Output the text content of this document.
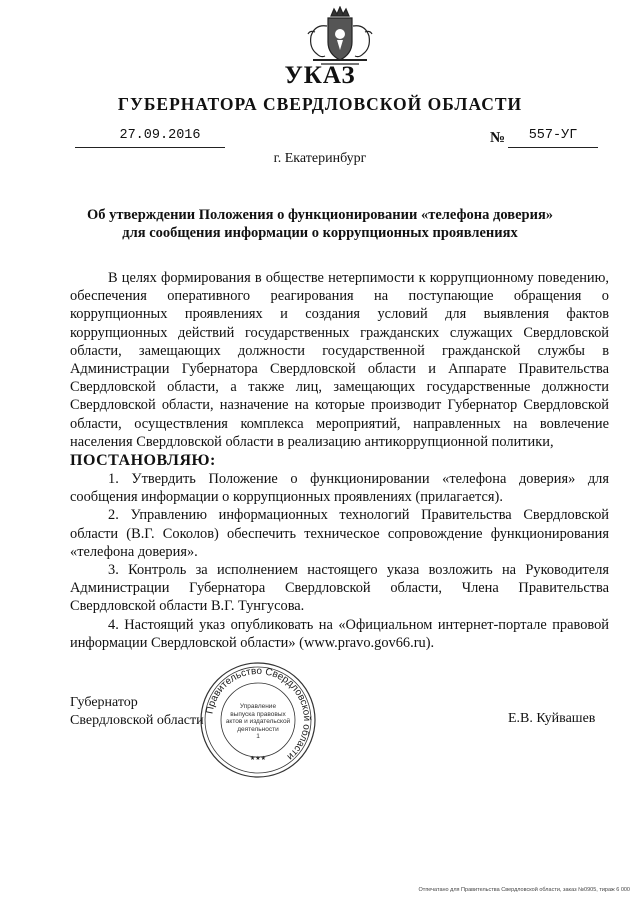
УКАЗ
ГУБЕРНАТОРА СВЕРДЛОВСКОЙ ОБЛАСТИ
27.09.2016	№	557-УГ
г. Екатеринбург
Об утверждении Положения о функционировании «телефона доверия»
для сообщения информации о коррупционных проявлениях

В целях формирования в обществе нетерпимости к коррупционному поведению, обеспечения оперативного реагирования на поступающие обращения о коррупционных проявлениях и создания условий для выявления фактов коррупционных действий государственных гражданских служащих Свердловской области, замещающих должности государственной гражданской службы в Администрации Губернатора Свердловской области и Аппарате Правительства Свердловской области, а также лиц, замещающих государственные должности Свердловской области, назначение на которые производит Губернатор Свердловской области, осуществления комплекса мероприятий, направленных на вовлечение населения Свердловской области в реализацию антикоррупционной политики,

ПОСТАНОВЛЯЮ:

1. Утвердить Положение о функционировании «телефона доверия» для сообщения информации о коррупционных проявлениях (прилагается).

2. Управлению информационных технологий Правительства Свердловской области (В.Г. Соколов) обеспечить техническое сопровождение функционирования «телефона доверия».

3. Контроль за исполнением настоящего указа возложить на Руководителя Администрации Губернатора Свердловской области, Члена Правительства Свердловской области В.Г. Тунгусова.

4. Настоящий указ опубликовать на «Официальном интернет-портале правовой информации Свердловской области» (www.pravo.gov66.ru).

Губернатор
Свердловской области	Е.В. Куйвашев
Правительство Свердловской области
★★★
Управление
выпуска правовых
актов и издательской
деятельности
1
Отпечатано для Правительства Свердловской области, заказ №0905, тираж 6 000
